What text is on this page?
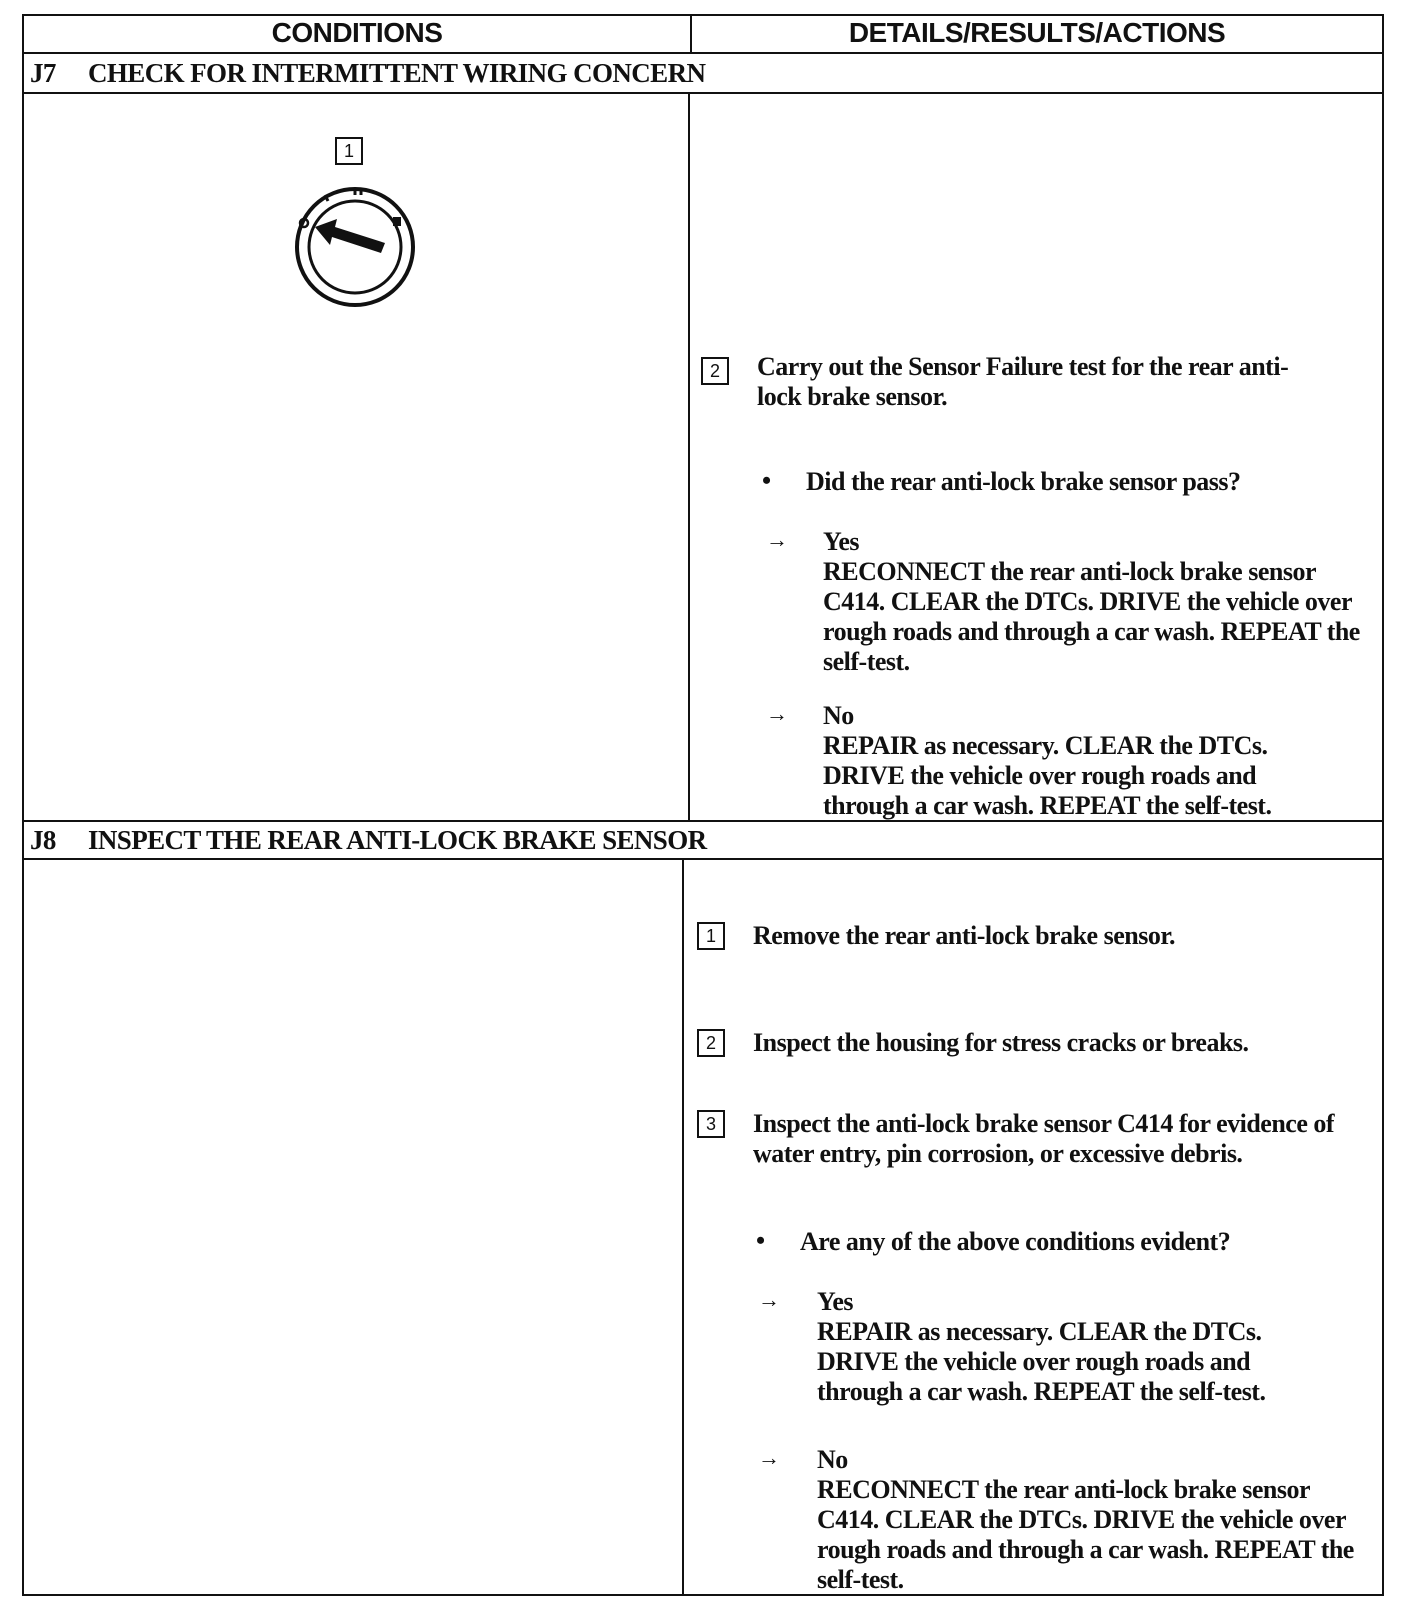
CONDITIONS	DETAILS/RESULTS/ACTIONS
J7	CHECK FOR INTERMITTENT WIRING CONCERN
1
2	Carry out the Sensor Failure test for the rear anti-lock brake sensor.
• Did the rear anti-lock brake sensor pass?
→ Yes
RECONNECT the rear anti-lock brake sensor C414. CLEAR the DTCs. DRIVE the vehicle over rough roads and through a car wash. REPEAT the self-test.
→ No
REPAIR as necessary. CLEAR the DTCs. DRIVE the vehicle over rough roads and through a car wash. REPEAT the self-test.
J8	INSPECT THE REAR ANTI-LOCK BRAKE SENSOR
1	Remove the rear anti-lock brake sensor.
2	Inspect the housing for stress cracks or breaks.
3	Inspect the anti-lock brake sensor C414 for evidence of water entry, pin corrosion, or excessive debris.
• Are any of the above conditions evident?
→ Yes
REPAIR as necessary. CLEAR the DTCs. DRIVE the vehicle over rough roads and through a car wash. REPEAT the self-test.
→ No
RECONNECT the rear anti-lock brake sensor C414. CLEAR the DTCs. DRIVE the vehicle over rough roads and through a car wash. REPEAT the self-test.
